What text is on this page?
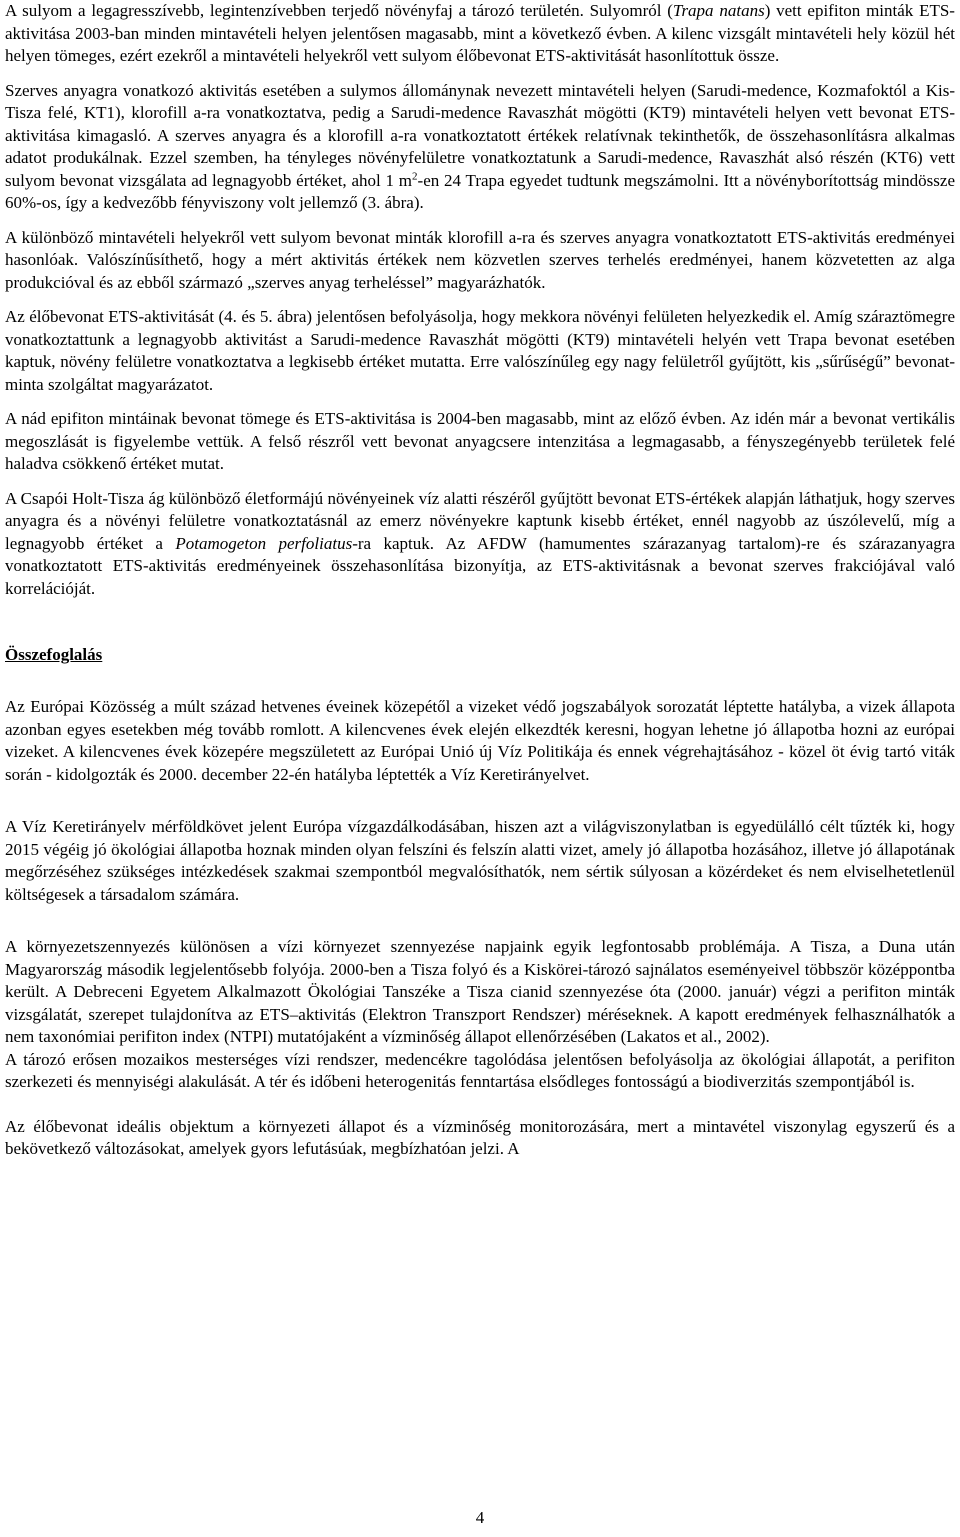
A sulyom a legagresszívebb, legintenzívebben terjedő növényfaj a tározó területén. Sulyomról (Trapa natans) vett epifiton minták ETS-aktivitása 2003-ban minden mintavételi helyen jelentősen magasabb, mint a következő évben. A kilenc vizsgált mintavételi hely közül hét helyen tömeges, ezért ezekről a mintavételi helyekről vett sulyom élőbevonat ETS-aktivitását hasonlítottuk össze.

Szerves anyagra vonatkozó aktivitás esetében a sulymos állománynak nevezett mintavételi helyen (Sarudi-medence, Kozmafoktól a Kis-Tisza felé, KT1), klorofill a-ra vonatkoztatva, pedig a Sarudi-medence Ravaszhát mögötti (KT9) mintavételi helyen vett bevonat ETS-aktivitása kimagasló. A szerves anyagra és a klorofill a-ra vonatkoztatott értékek relatívnak tekinthetők, de összehasonlításra alkalmas adatot produkálnak. Ezzel szemben, ha tényleges növényfelületre vonatkoztatunk a Sarudi-medence, Ravaszhát alsó részén (KT6) vett sulyom bevonat vizsgálata ad legnagyobb értéket, ahol 1 $m^2-en$ 24 Trapa egyedet tudtunk megszámolni. Itt a növényborítottság mindössze 60%-os, így a kedvezőbb fényviszony volt jellemző (3. ábra).

A különböző mintavételi helyekről vett sulyom bevonat minták klorofill a-ra és szerves anyagra vonatkoztatott ETS-aktivitás eredményei hasonlóak. Valószínűsíthető, hogy a mért aktivitás értékek nem közvetlen szerves terhelés eredményei, hanem közvetetten az alga produkcióval és az ebből származó „szerves anyag terheléssel” magyarázhatók.

Az élőbevonat ETS-aktivitását (4. és 5. ábra) jelentősen befolyásolja, hogy mekkora növényi felületen helyezkedik el. Amíg száraztömegre vonatkoztattunk a legnagyobb aktivitást a Sarudi-medence Ravaszhát mögötti (KT9) mintavételi helyén vett Trapa bevonat esetében kaptuk, növény felületre vonatkoztatva a legkisebb értéket mutatta. Erre valószínűleg egy nagy felületről gyűjtött, kis „sűrűségű” bevonat-minta szolgáltat magyarázatot.

A nád epifiton mintáinak bevonat tömege és ETS-aktivitása is 2004-ben magasabb, mint az előző évben. Az idén már a bevonat vertikális megoszlását is figyelembe vettük. A felső részről vett bevonat anyagcsere intenzitása a legmagasabb, a fényszegényebb területek felé haladva csökkenő értéket mutat.

A Csapói Holt-Tisza ág különböző életformájú növényeinek víz alatti részéről gyűjtött bevonat ETS-értékek alapján láthatjuk, hogy szerves anyagra és a növényi felületre vonatkoztatásnál az emerz növényekre kaptunk kisebb értéket, ennél nagyobb az úszólevelű, míg a legnagyobb értéket a Potamogeton perfoliatus-ra kaptuk. Az AFDW (hamumentes szárazanyag tartalom)-re és szárazanyagra vonatkoztatott ETS-aktivitás eredményeinek összehasonlítása bizonyítja, az ETS-aktivitásnak a bevonat szerves frakciójával való korrelációját.

Összefoglalás

Az Európai Közösség a múlt század hetvenes éveinek közepétől a vizeket védő jogszabályok sorozatát léptette hatályba, a vizek állapota azonban egyes esetekben még tovább romlott. A kilencvenes évek elején elkezdték keresni, hogyan lehetne jó állapotba hozni az európai vizeket. A kilencvenes évek közepére megszületett az Európai Unió új Víz Politikája és ennek végrehajtásához - közel öt évig tartó viták során - kidolgozták és 2000. december 22-én hatályba léptették a Víz Keretirányelvet.

A Víz Keretirányelv mérföldkövet jelent Európa vízgazdálkodásában, hiszen azt a világviszonylatban is egyedülálló célt tűzték ki, hogy 2015 végéig jó ökológiai állapotba hoznak minden olyan felszíni és felszín alatti vizet, amely jó állapotba hozásához, illetve jó állapotának megőrzéséhez szükséges intézkedések szakmai szempontból megvalósíthatók, nem sértik súlyosan a közérdeket és nem elviselhetetlenül költségesek a társadalom számára.

A környezetszennyezés különösen a vízi környezet szennyezése napjaink egyik legfontosabb problémája. A Tisza, a Duna után Magyarország második legjelentősebb folyója. 2000-ben a Tisza folyó és a Kiskörei-tározó sajnálatos eseményeivel többször középpontba került. A Debreceni Egyetem Alkalmazott Ökológiai Tanszéke a Tisza cianid szennyezése óta (2000. január) végzi a perifiton minták vizsgálatát, szerepet tulajdonítva az ETS–aktivitás (Elektron Transzport Rendszer) méréseknek. A kapott eredmények felhasználhatók a nem taxonómiai perifiton index (NTPI) mutatójaként a vízminőség állapot ellenőrzésében (Lakatos et al., 2002).

A tározó erősen mozaikos mesterséges vízi rendszer, medencékre tagolódása jelentősen befolyásolja az ökológiai állapotát, a perifiton szerkezeti és mennyiségi alakulását. A tér és időbeni heterogenitás fenntartása elsődleges fontosságú a biodiverzitás szempontjából is.

Az élőbevonat ideális objektum a környezeti állapot és a vízminőség monitorozására, mert a mintavétel viszonylag egyszerű és a bekövetkező változásokat, amelyek gyors lefutásúak, megbízhatóan jelzi. A

4
